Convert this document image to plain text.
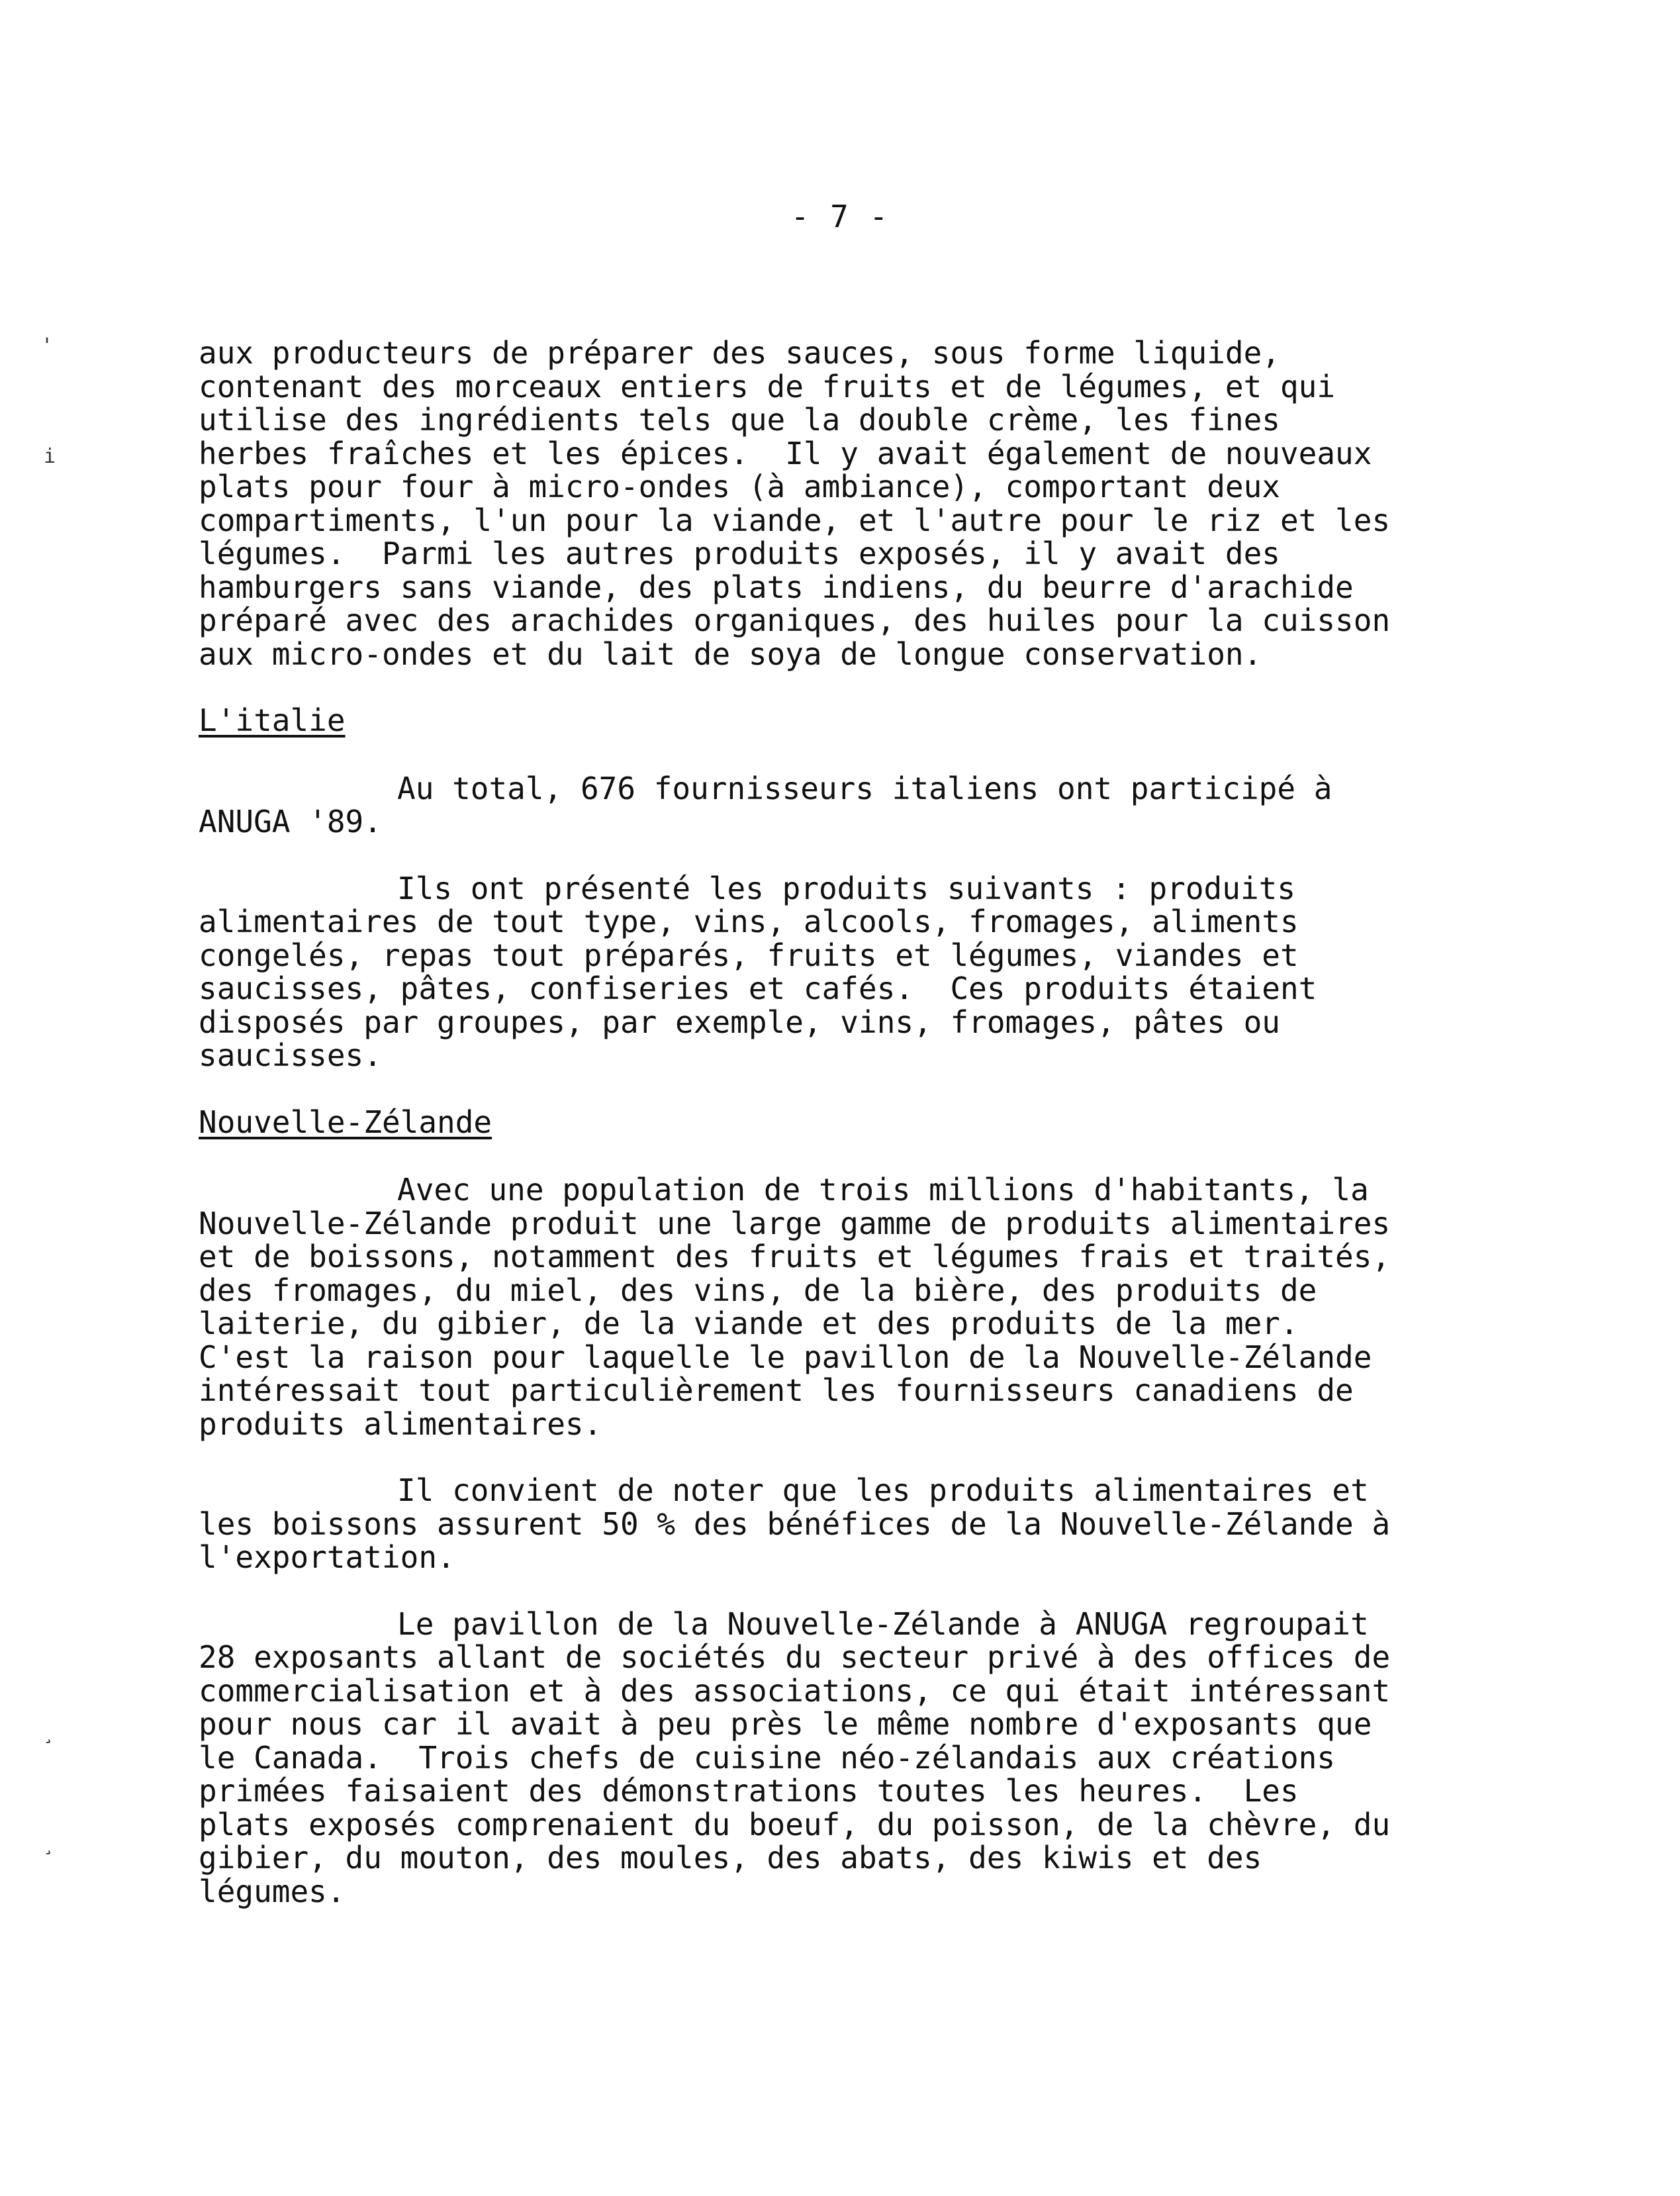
- 7 -
'
i
¸
¸

aux producteurs de préparer des sauces, sous forme liquide,
contenant des morceaux entiers de fruits et de légumes, et qui
utilise des ingrédients tels que la double crème, les fines
herbes fraîches et les épices.  Il y avait également de nouveaux
plats pour four à micro-ondes (à ambiance), comportant deux
compartiments, l'un pour la viande, et l'autre pour le riz et les
légumes.  Parmi les autres produits exposés, il y avait des
hamburgers sans viande, des plats indiens, du beurre d'arachide
préparé avec des arachides organiques, des huiles pour la cuisson
aux micro-ondes et du lait de soya de longue conservation.

L'italie

Au total, 676 fournisseurs italiens ont participé à
ANUGA '89.

Ils ont présenté les produits suivants : produits
alimentaires de tout type, vins, alcools, fromages, aliments
congelés, repas tout préparés, fruits et légumes, viandes et
saucisses, pâtes, confiseries et cafés.  Ces produits étaient
disposés par groupes, par exemple, vins, fromages, pâtes ou
saucisses.

Nouvelle-Zélande

Avec une population de trois millions d'habitants, la
Nouvelle-Zélande produit une large gamme de produits alimentaires
et de boissons, notamment des fruits et légumes frais et traités,
des fromages, du miel, des vins, de la bière, des produits de
laiterie, du gibier, de la viande et des produits de la mer.
C'est la raison pour laquelle le pavillon de la Nouvelle-Zélande
intéressait tout particulièrement les fournisseurs canadiens de
produits alimentaires.

Il convient de noter que les produits alimentaires et
les boissons assurent 50 % des bénéfices de la Nouvelle-Zélande à
l'exportation.

Le pavillon de la Nouvelle-Zélande à ANUGA regroupait
28 exposants allant de sociétés du secteur privé à des offices de
commercialisation et à des associations, ce qui était intéressant
pour nous car il avait à peu près le même nombre d'exposants que
le Canada.  Trois chefs de cuisine néo-zélandais aux créations
primées faisaient des démonstrations toutes les heures.  Les
plats exposés comprenaient du boeuf, du poisson, de la chèvre, du
gibier, du mouton, des moules, des abats, des kiwis et des
légumes.
